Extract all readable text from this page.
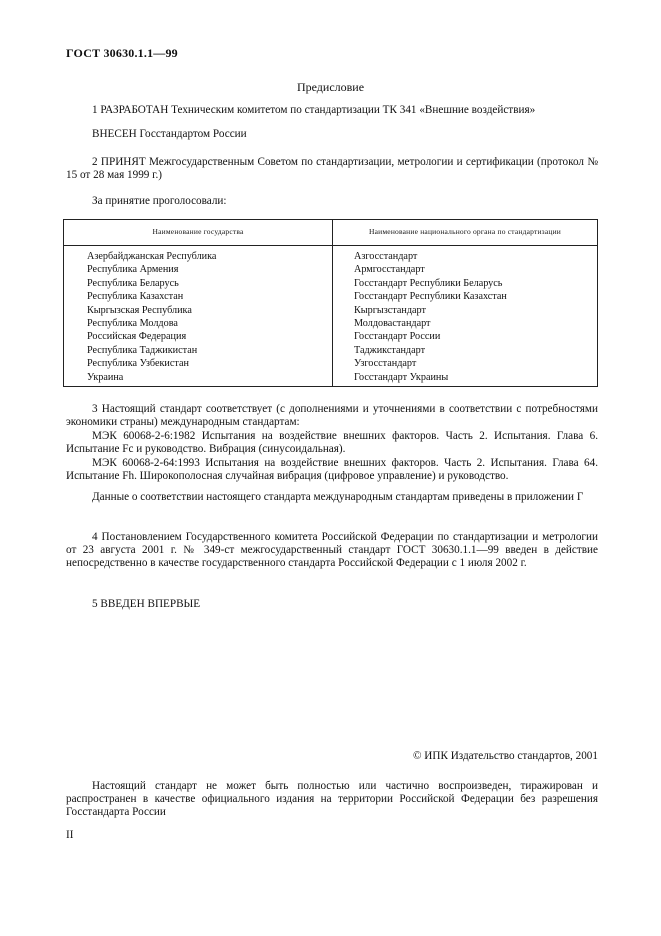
ГОСТ 30630.1.1—99
Предисловие
1 РАЗРАБОТАН Техническим комитетом по стандартизации ТК 341 «Внешние воздействия»
ВНЕСЕН Госстандартом России
2 ПРИНЯТ Межгосударственным Советом по стандартизации, метрологии и сертификации (протокол № 15 от 28 мая 1999 г.)
За принятие проголосовали:
Наименование государства	Наименование национального органа по стандартизации
Азербайджанская Республика
Республика Армения
Республика Беларусь
Республика Казахстан
Кыргызская Республика
Республика Молдова
Российская Федерация
Республика Таджикистан
Республика Узбекистан
Украина
Азгосстандарт
Армгосстандарт
Госстандарт Республики Беларусь
Госстандарт Республики Казахстан
Кыргызстандарт
Молдовастандарт
Госстандарт России
Таджикстандарт
Узгосстандарт
Госстандарт Украины
3 Настоящий стандарт соответствует (с дополнениями и уточнениями в соответствии с потребностями экономики страны) международным стандартам:
МЭК 60068-2-6:1982 Испытания на воздействие внешних факторов. Часть 2. Испытания. Глава 6. Испытание Fc и руководство. Вибрация (синусоидальная).
МЭК 60068-2-64:1993 Испытания на воздействие внешних факторов. Часть 2. Испытания. Глава 64. Испытание Fh. Широкополосная случайная вибрация (цифровое управление) и руководство.
Данные о соответствии настоящего стандарта международным стандартам приведены в приложении Г
4 Постановлением Государственного комитета Российской Федерации по стандартизации и метрологии от 23 августа 2001 г. № 349-ст межгосударственный стандарт ГОСТ 30630.1.1—99 введен в действие непосредственно в качестве государственного стандарта Российской Федерации с 1 июля 2002 г.
5 ВВЕДЕН ВПЕРВЫЕ
© ИПК Издательство стандартов, 2001
Настоящий стандарт не может быть полностью или частично воспроизведен, тиражирован и распространен в качестве официального издания на территории Российской Федерации без разрешения Госстандарта России
II
